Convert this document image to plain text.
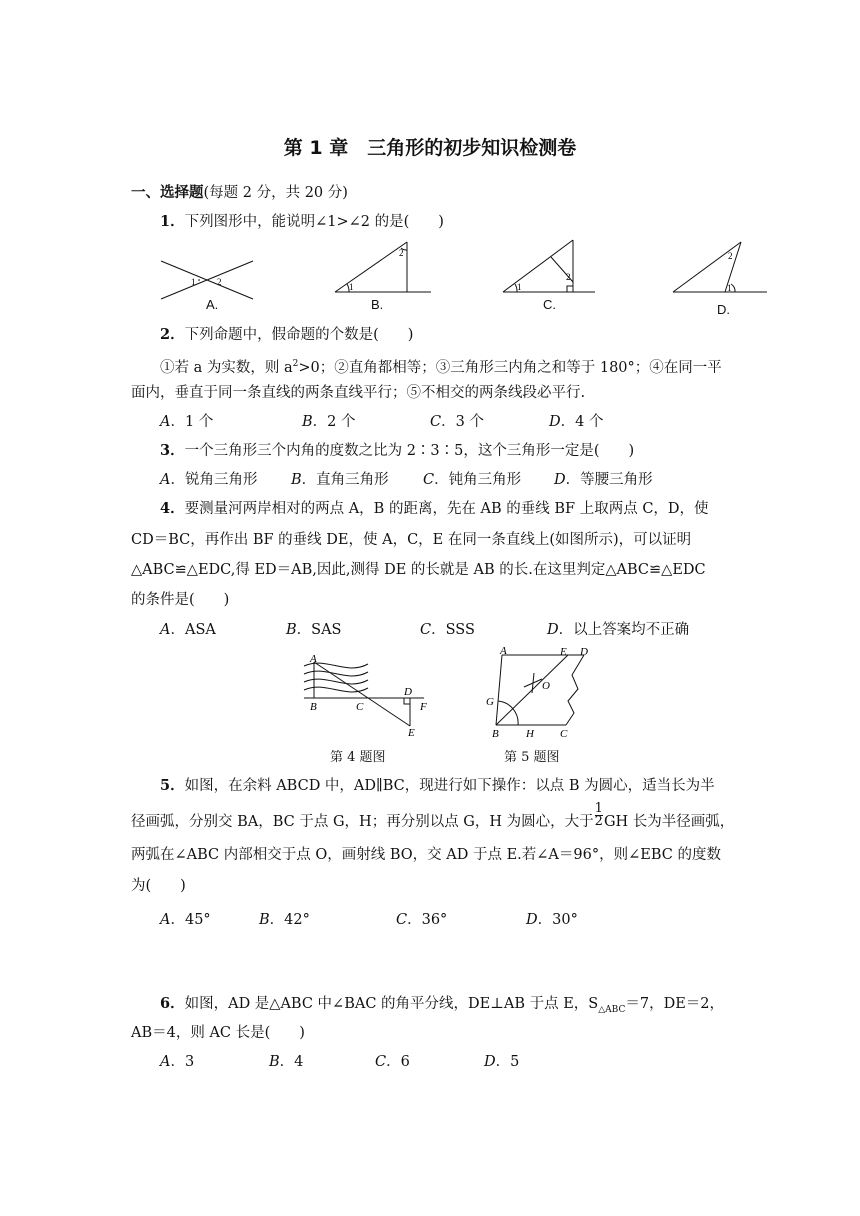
第 1 章　三角形的初步知识检测卷
一、选择题(每题 2 分，共 20 分)
1．下列图形中，能说明∠1>∠2 的是(　　)
1 2
A.
1
2
B.
1
2
C.
1
2
D.
2．下列命题中，假命题的个数是(　　)
①若 a 为实数，则 $a^2>0$；②直角都相等；③三角形三内角之和等于 180°；④在同一平
面内，垂直于同一条直线的两条直线平行；⑤不相交的两条线段必平行.
A．1 个	B．2 个	C．3 个	D．4 个
3．一个三角形三个内角的度数之比为 2∶3∶5，这个三角形一定是(　　)
A．锐角三角形 B．直角三角形 C．钝角三角形 D．等腰三角形
4．要测量河两岸相对的两点 A，B 的距离，先在 AB 的垂线 BF 上取两点 C，D，使
CD＝BC，再作出 BF 的垂线 DE，使 A，C，E 在同一条直线上(如图所示)，可以证明
△ABC≌△EDC,得 ED＝AB,因此,测得 DE 的长就是 AB 的长.在这里判定△ABC≌△EDC
的条件是(　　)
A．ASA	B．SAS	C．SSS	D．以上答案均不正确
A
B	C
D
F
E
第 4 题图
A	E D
O
G
B H C
第 5 题图
5．如图，在余料 ABCD 中，AD∥BC，现进行如下操作：以点 B 为圆心，适当长为半
径画弧，分别交 BA，BC 于点 G，H；再分别以点 G，H 为圆心，大于 $\frac{1}{2}$ GH 长为半径画弧，
两弧在∠ABC 内部相交于点 O，画射线 BO，交 AD 于点 E.若∠A＝96°，则∠EBC 的度数
为(　　)
A．45°	B．42°	C．36°	D．30°
6．如图，AD 是△ABC 中∠BAC 的角平分线，DE⊥AB 于点 E，$S_{\triangle ABC}=7$，DE＝2，
AB＝4，则 AC 长是(　　)
A．3	B．4	C．6	D．5
